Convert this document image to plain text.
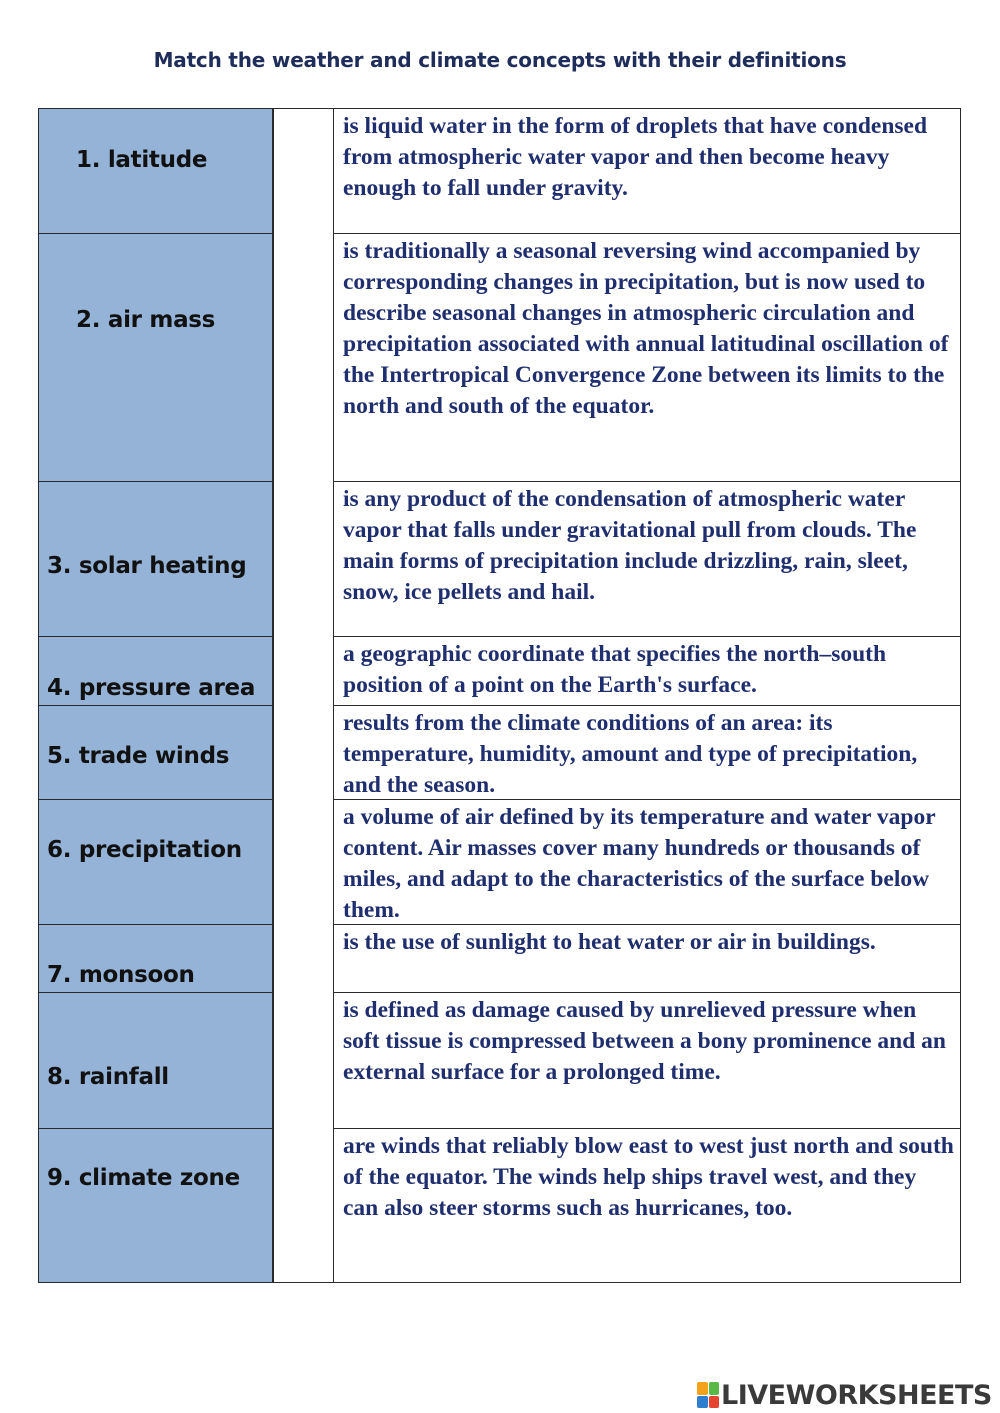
Match the weather and climate concepts with their definitions
1. latitude
2. air mass
3. solar heating
4. pressure area
5. trade winds
6. precipitation
7. monsoon
8. rainfall
9. climate zone
is liquid water in the form of droplets that have condensed from atmospheric water vapor and then become heavy enough to fall under gravity.
is traditionally a seasonal reversing wind accompanied by corresponding changes in precipitation, but is now used to describe seasonal changes in atmospheric circulation and precipitation associated with annual latitudinal oscillation of the Intertropical Convergence Zone between its limits to the north and south of the equator.
is any product of the condensation of atmospheric water vapor that falls under gravitational pull from clouds. The main forms of precipitation include drizzling, rain, sleet, snow, ice pellets and hail.
a geographic coordinate that specifies the north–south position of a point on the Earth's surface.
results from the climate conditions of an area: its temperature, humidity, amount and type of precipitation, and the season.
a volume of air defined by its temperature and water vapor content. Air masses cover many hundreds or thousands of miles, and adapt to the characteristics of the surface below them.
is the use of sunlight to heat water or air in buildings.
is defined as damage caused by unrelieved pressure when soft tissue is compressed between a bony prominence and an external surface for a prolonged time.
are winds that reliably blow east to west just north and south of the equator. The winds help ships travel west, and they can also steer storms such as hurricanes, too.
LIVEWORKSHEETS
